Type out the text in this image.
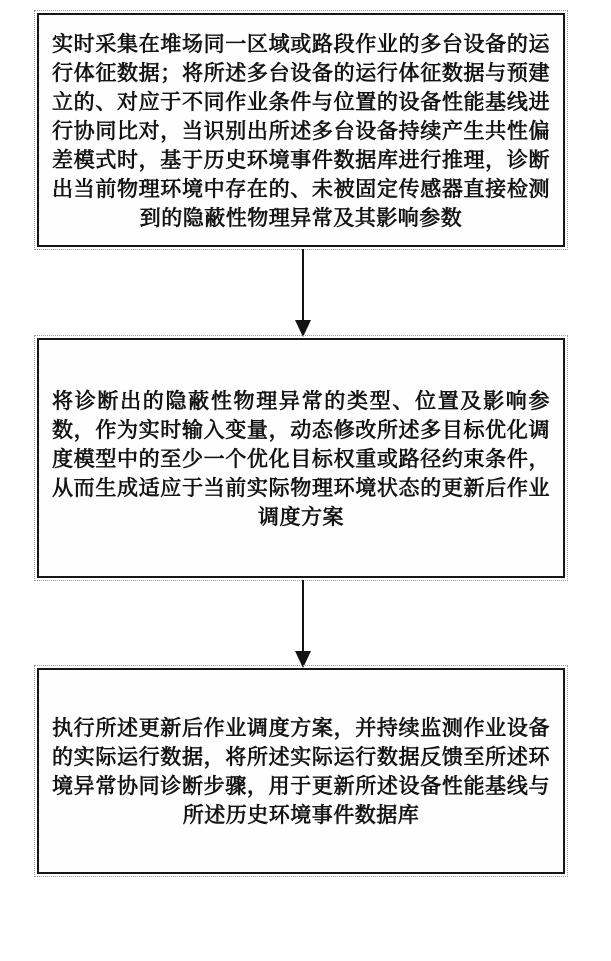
实时采集在堆场同一区域或路段作业的多台设备的运行体征数据；将所述多台设备的运行体征数据与预建立的、对应于不同作业条件与位置的设备性能基线进行协同比对，当识别出所述多台设备持续产生共性偏差模式时，基于历史环境事件数据库进行推理，诊断出当前物理环境中存在的、未被固定传感器直接检测到的隐蔽性物理异常及其影响参数
将诊断出的隐蔽性物理异常的类型、位置及影响参数，作为实时输入变量，动态修改所述多目标优化调度模型中的至少一个优化目标权重或路径约束条件，从而生成适应于当前实际物理环境状态的更新后作业调度方案
执行所述更新后作业调度方案，并持续监测作业设备的实际运行数据，将所述实际运行数据反馈至所述环境异常协同诊断步骤，用于更新所述设备性能基线与所述历史环境事件数据库
